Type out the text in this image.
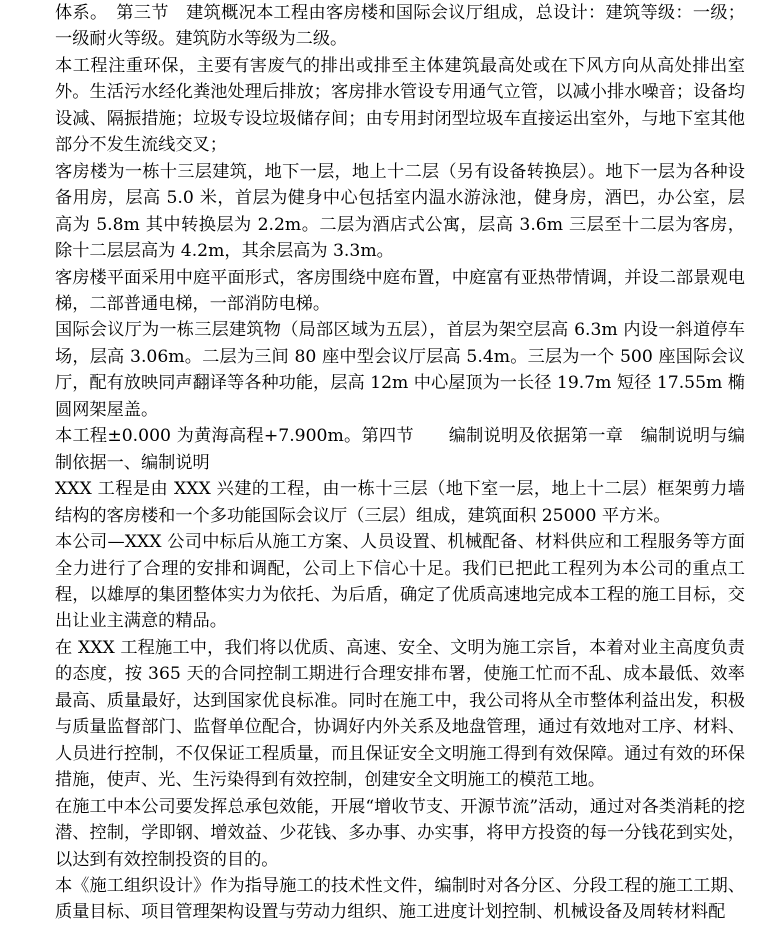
体系。　第三节　建筑概况本工程由客房楼和国际会议厅组成，总设计：建筑等级：一级；一级耐火等级。建筑防水等级为二级。

本工程注重环保，主要有害废气的排出或排至主体建筑最高处或在下风方向从高处排出室外。生活污水经化粪池处理后排放；客房排水管设专用通气立管，以减小排水噪音；设备均设减、隔振措施；垃圾专设垃圾储存间；由专用封闭型垃圾车直接运出室外，与地下室其他部分不发生流线交叉；

客房楼为一栋十三层建筑，地下一层，地上十二层（另有设备转换层）。地下一层为各种设备用房，层高 5.0 米，首层为健身中心包括室内温水游泳池，健身房，酒巴，办公室，层高为 5.8m 其中转换层为 2.2m。二层为酒店式公寓，层高 3.6m 三层至十二层为客房，除十二层层高为 4.2m，其余层高为 3.3m。

客房楼平面采用中庭平面形式，客房围绕中庭布置，中庭富有亚热带情调，并设二部景观电梯，二部普通电梯，一部消防电梯。

国际会议厅为一栋三层建筑物（局部区域为五层），首层为架空层高 6.3m 内设一斜道停车场，层高 3.06m。二层为三间 80 座中型会议厅层高 5.4m。三层为一个 500 座国际会议厅，配有放映同声翻译等各种功能，层高 12m 中心屋顶为一长径 19.7m 短径 17.55m 椭圆网架屋盖。

本工程±0.000 为黄海高程+7.900m。第四节　　编制说明及依据第一章　编制说明与编制依据一、编制说明

XXX 工程是由 XXX 兴建的工程，由一栋十三层（地下室一层，地上十二层）框架剪力墙结构的客房楼和一个多功能国际会议厅（三层）组成，建筑面积 25000 平方米。

本公司—XXX 公司中标后从施工方案、人员设置、机械配备、材料供应和工程服务等方面全力进行了合理的安排和调配，公司上下信心十足。我们已把此工程列为本公司的重点工程，以雄厚的集团整体实力为依托、为后盾，确定了优质高速地完成本工程的施工目标，交出让业主满意的精品。

在 XXX 工程施工中，我们将以优质、高速、安全、文明为施工宗旨，本着对业主高度负责的态度，按 365 天的合同控制工期进行合理安排布署，使施工忙而不乱、成本最低、效率最高、质量最好，达到国家优良标准。同时在施工中，我公司将从全市整体利益出发，积极与质量监督部门、监督单位配合，协调好内外关系及地盘管理，通过有效地对工序、材料、人员进行控制，不仅保证工程质量，而且保证安全文明施工得到有效保障。通过有效的环保措施，使声、光、生污染得到有效控制，创建安全文明施工的模范工地。

在施工中本公司要发挥总承包效能，开展“增收节支、开源节流”活动，通过对各类消耗的挖潜、控制，学即钢、增效益、少花钱、多办事、办实事，将甲方投资的每一分钱花到实处，以达到有效控制投资的目的。

本《施工组织设计》作为指导施工的技术性文件，编制时对各分区、分段工程的施工工期、质量目标、项目管理架构设置与劳动力组织、施工进度计划控制、机械设备及周转材料配
